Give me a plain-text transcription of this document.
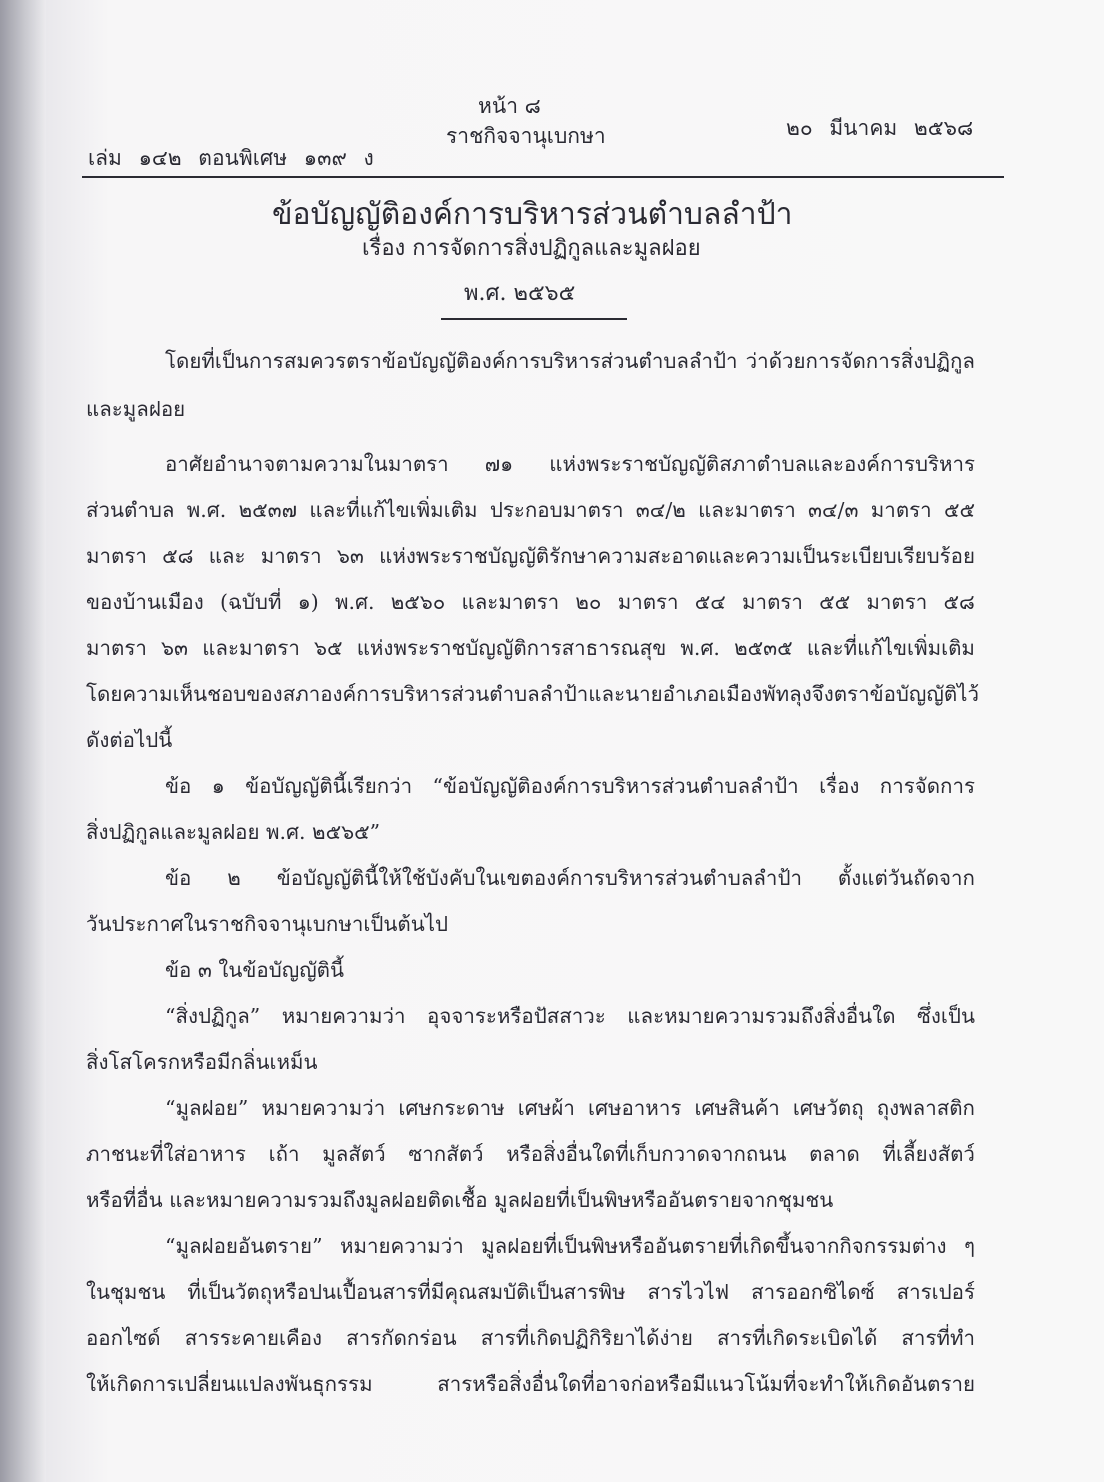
หน้า ๘
เล่ม ๑๔๒ ตอนพิเศษ ๑๓๙ ง
ราชกิจจานุเบกษา	๒๐ มีนาคม ๒๕๖๘
ข้อบัญญัติองค์การบริหารส่วนตำบลลำป้า
เรื่อง การจัดการสิ่งปฏิกูลและมูลฝอย
พ.ศ. ๒๕๖๕
โดยที่เป็นการสมควรตราข้อบัญญัติองค์การบริหารส่วนตำบลลำป้า ว่าด้วยการจัดการสิ่งปฏิกูล
และมูลฝอย
อาศัยอำนาจตามความในมาตรา ๗๑ แห่งพระราชบัญญัติสภาตำบลและองค์การบริหาร
ส่วนตำบล พ.ศ. ๒๕๓๗ และที่แก้ไขเพิ่มเติม ประกอบมาตรา ๓๔/๒ และมาตรา ๓๔/๓ มาตรา ๕๕
มาตรา ๕๘ และ มาตรา ๖๓ แห่งพระราชบัญญัติรักษาความสะอาดและความเป็นระเบียบเรียบร้อย
ของบ้านเมือง (ฉบับที่ ๑) พ.ศ. ๒๕๖๐ และมาตรา ๒๐ มาตรา ๕๔ มาตรา ๕๕ มาตรา ๕๘
มาตรา ๖๓ และมาตรา ๖๕ แห่งพระราชบัญญัติการสาธารณสุข พ.ศ. ๒๕๓๕ และที่แก้ไขเพิ่มเติม
โดยความเห็นชอบของสภาองค์การบริหารส่วนตำบลลำป้าและนายอำเภอเมืองพัทลุง จึงตราข้อบัญญัติไว้
ดังต่อไปนี้
ข้อ ๑ ข้อบัญญัตินี้เรียกว่า “ข้อบัญญัติองค์การบริหารส่วนตำบลลำป้า เรื่อง การจัดการ
สิ่งปฏิกูลและมูลฝอย พ.ศ. ๒๕๖๕”
ข้อ ๒ ข้อบัญญัตินี้ให้ใช้บังคับในเขตองค์การบริหารส่วนตำบลลำป้า ตั้งแต่วันถัดจาก
วันประกาศในราชกิจจานุเบกษาเป็นต้นไป
ข้อ ๓ ในข้อบัญญัตินี้
“สิ่งปฏิกูล” หมายความว่า อุจจาระหรือปัสสาวะ และหมายความรวมถึงสิ่งอื่นใด ซึ่งเป็น
สิ่งโสโครกหรือมีกลิ่นเหม็น
“มูลฝอย” หมายความว่า เศษกระดาษ เศษผ้า เศษอาหาร เศษสินค้า เศษวัตถุ ถุงพลาสติก
ภาชนะที่ใส่อาหาร เถ้า มูลสัตว์ ซากสัตว์ หรือสิ่งอื่นใดที่เก็บกวาดจากถนน ตลาด ที่เลี้ยงสัตว์
หรือที่อื่น และหมายความรวมถึงมูลฝอยติดเชื้อ มูลฝอยที่เป็นพิษหรืออันตรายจากชุมชน
“มูลฝอยอันตราย” หมายความว่า มูลฝอยที่เป็นพิษหรืออันตรายที่เกิดขึ้นจากกิจกรรมต่าง ๆ
ในชุมชน ที่เป็นวัตถุหรือปนเปื้อนสารที่มีคุณสมบัติเป็นสารพิษ สารไวไฟ สารออกซิไดซ์ สารเปอร์
ออกไซด์ สารระคายเคือง สารกัดกร่อน สารที่เกิดปฏิกิริยาได้ง่าย สารที่เกิดระเบิดได้ สารที่ทำ
ให้เกิดการเปลี่ยนแปลงพันธุกรรม	สารหรือสิ่งอื่นใดที่อาจก่อหรือมีแนวโน้มที่จะทำให้เกิดอันตราย
